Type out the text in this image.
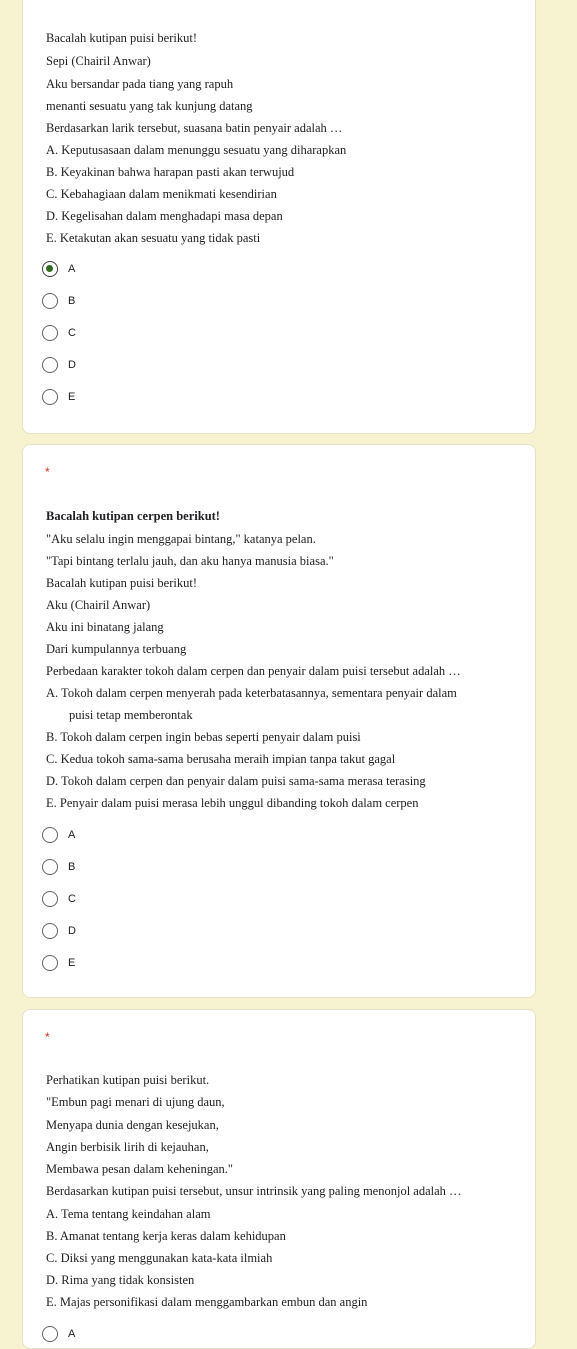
Bacalah kutipan puisi berikut!
Sepi (Chairil Anwar)
Aku bersandar pada tiang yang rapuh
menanti sesuatu yang tak kunjung datang
Berdasarkan larik tersebut, suasana batin penyair adalah …
A. Keputusasaan dalam menunggu sesuatu yang diharapkan
B. Keyakinan bahwa harapan pasti akan terwujud
C. Kebahagiaan dalam menikmati kesendirian
D. Kegelisahan dalam menghadapi masa depan
E. Ketakutan akan sesuatu yang tidak pasti
A
B
C
D
E
*
Bacalah kutipan cerpen berikut!
"Aku selalu ingin menggapai bintang," katanya pelan.
"Tapi bintang terlalu jauh, dan aku hanya manusia biasa."
Bacalah kutipan puisi berikut!
Aku (Chairil Anwar)
Aku ini binatang jalang
Dari kumpulannya terbuang
Perbedaan karakter tokoh dalam cerpen dan penyair dalam puisi tersebut adalah …
A. Tokoh dalam cerpen menyerah pada keterbatasannya, sementara penyair dalam
puisi tetap memberontak
B. Tokoh dalam cerpen ingin bebas seperti penyair dalam puisi
C. Kedua tokoh sama-sama berusaha meraih impian tanpa takut gagal
D. Tokoh dalam cerpen dan penyair dalam puisi sama-sama merasa terasing
E. Penyair dalam puisi merasa lebih unggul dibanding tokoh dalam cerpen
A
B
C
D
E
*
Perhatikan kutipan puisi berikut.
"Embun pagi menari di ujung daun,
Menyapa dunia dengan kesejukan,
Angin berbisik lirih di kejauhan,
Membawa pesan dalam keheningan."
Berdasarkan kutipan puisi tersebut, unsur intrinsik yang paling menonjol adalah …
A. Tema tentang keindahan alam
B. Amanat tentang kerja keras dalam kehidupan
C. Diksi yang menggunakan kata-kata ilmiah
D. Rima yang tidak konsisten
E. Majas personifikasi dalam menggambarkan embun dan angin
A
